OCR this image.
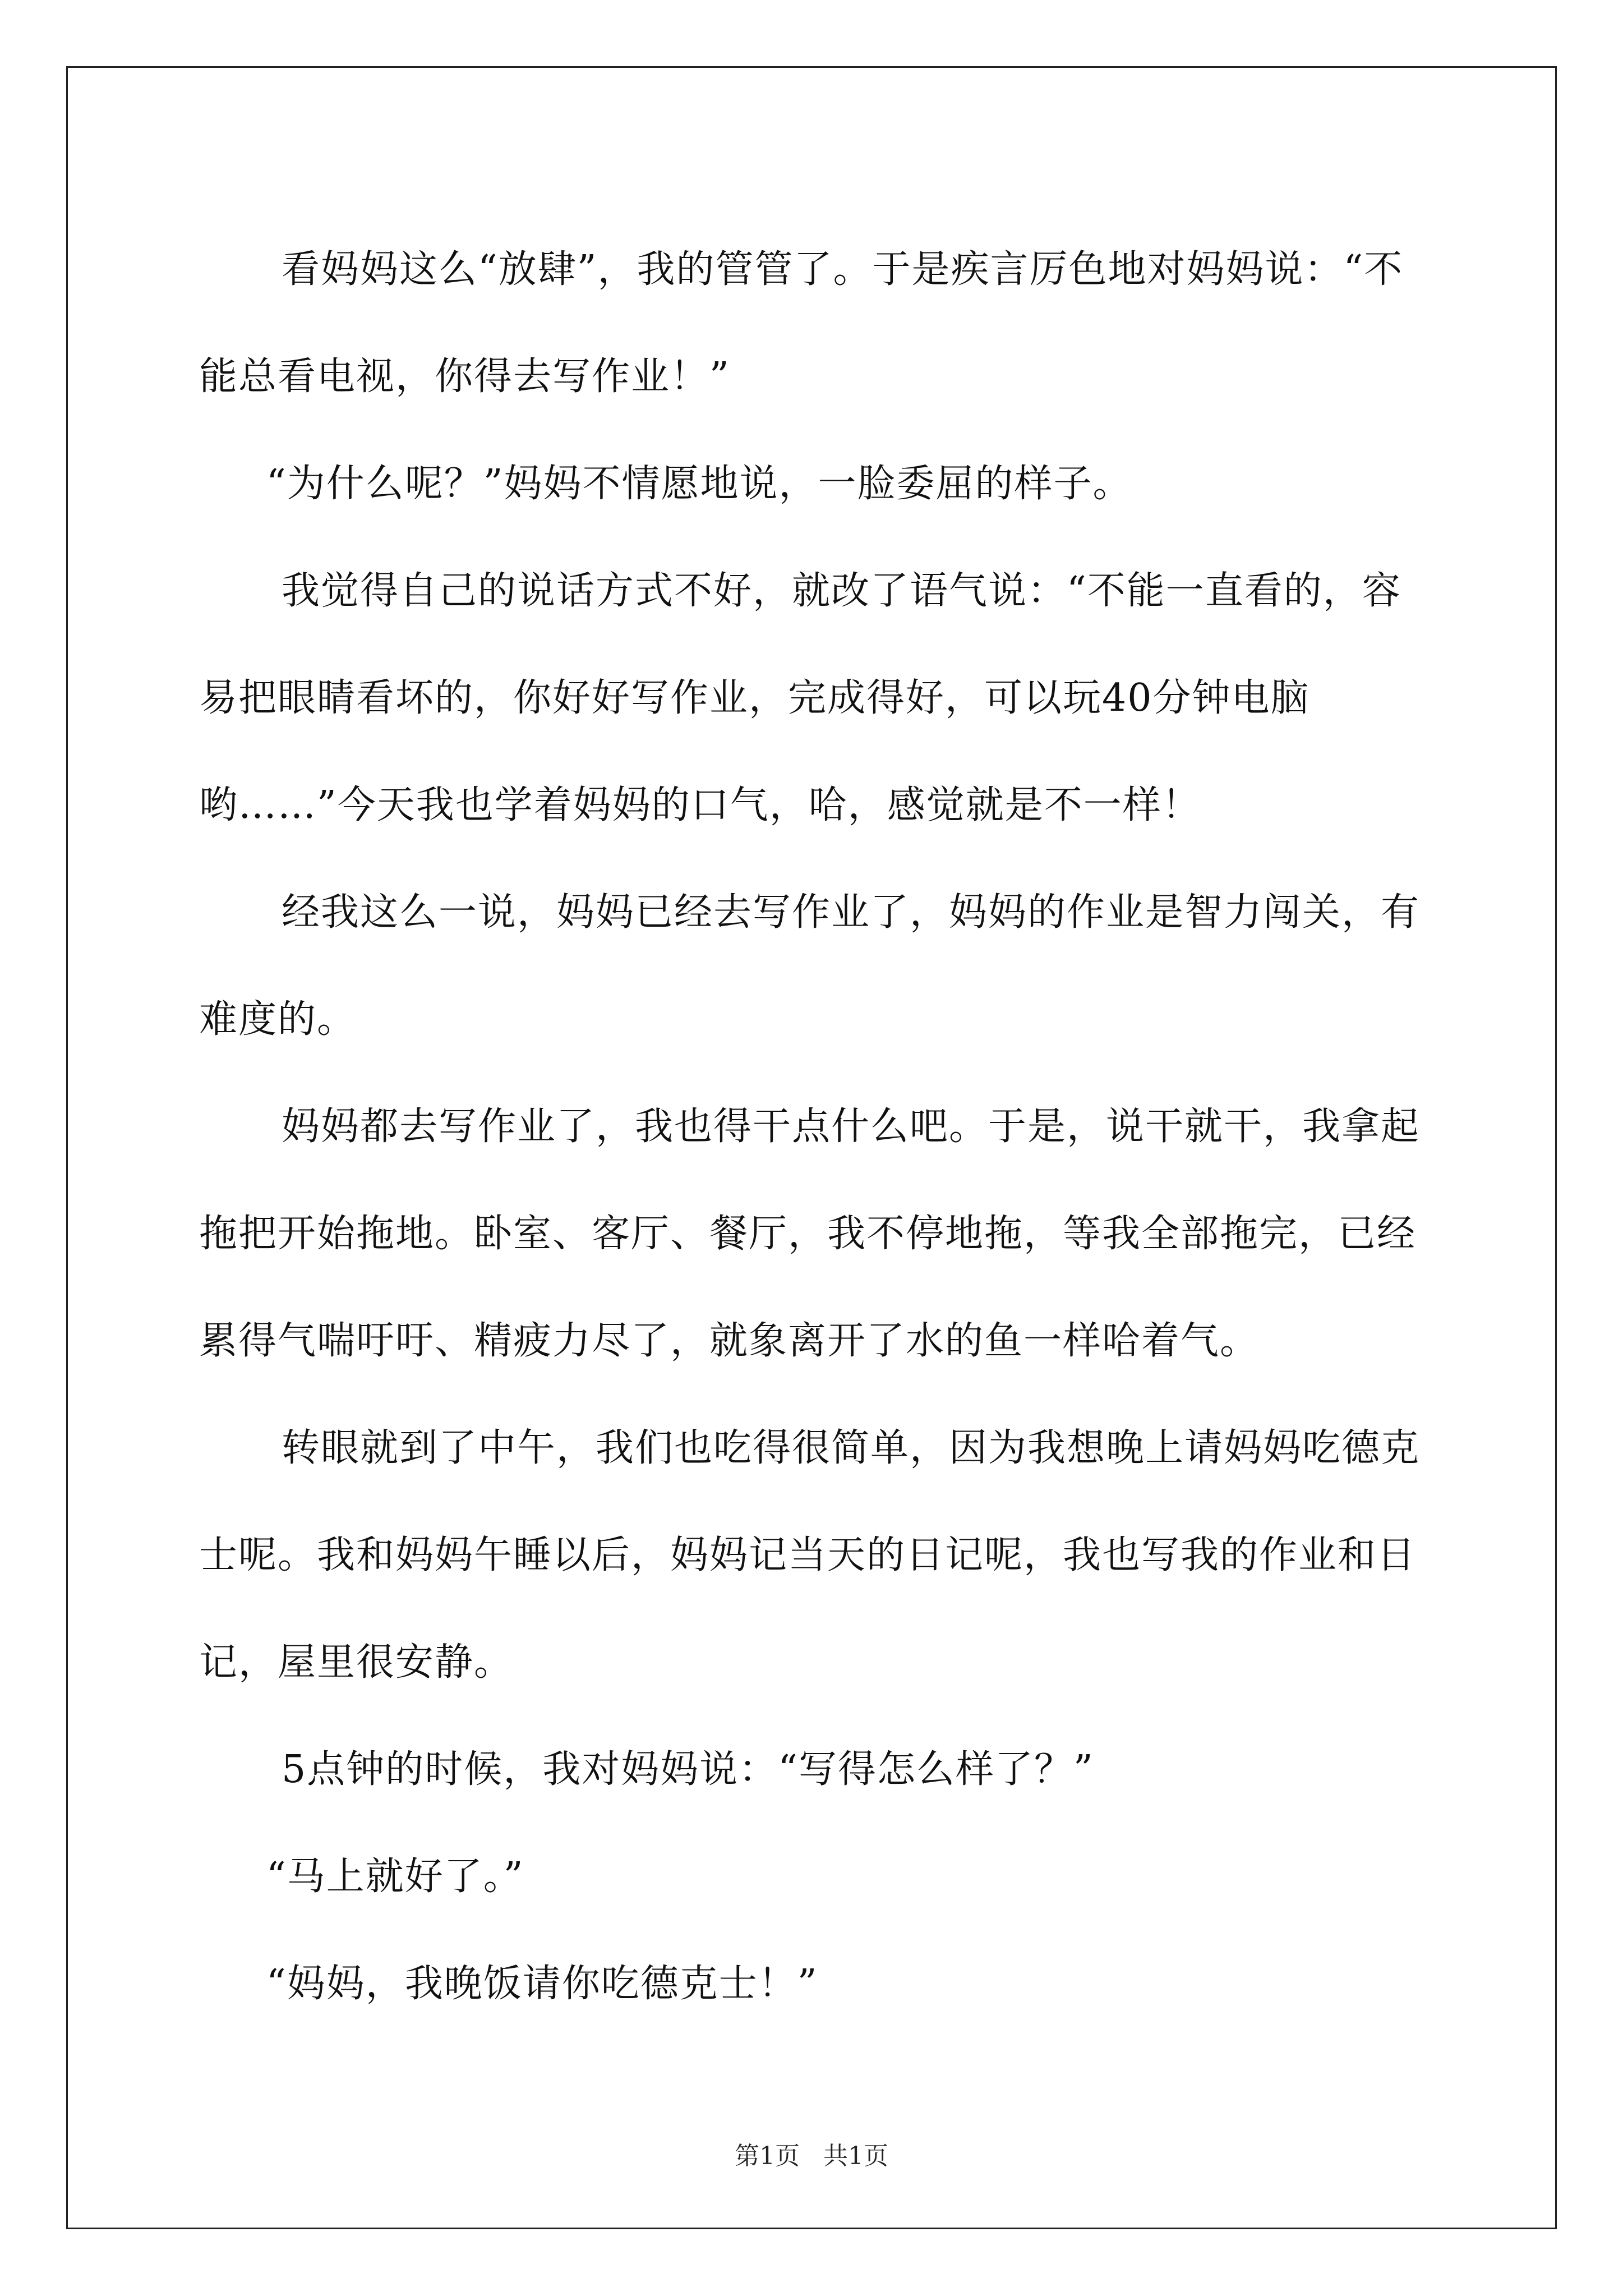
看妈妈这么“放肆”，我的管管了。于是疾言厉色地对妈妈说：“不能总看电视，你得去写作业！”

“为什么呢？”妈妈不情愿地说，一脸委屈的样子。

我觉得自己的说话方式不好，就改了语气说：“不能一直看的，容易把眼睛看坏的，你好好写作业，完成得好，可以玩40分钟电脑哟……”今天我也学着妈妈的口气，哈，感觉就是不一样！

经我这么一说，妈妈已经去写作业了，妈妈的作业是智力闯关，有难度的。

妈妈都去写作业了，我也得干点什么吧。于是，说干就干，我拿起拖把开始拖地。卧室、客厅、餐厅，我不停地拖，等我全部拖完，已经累得气喘吁吁、精疲力尽了，就象离开了水的鱼一样哈着气。

转眼就到了中午，我们也吃得很简单，因为我想晚上请妈妈吃德克士呢。我和妈妈午睡以后，妈妈记当天的日记呢，我也写我的作业和日记，屋里很安静。

5点钟的时候，我对妈妈说：“写得怎么样了？”

“马上就好了。”

“妈妈，我晚饭请你吃德克士！”

第1页 共1页
